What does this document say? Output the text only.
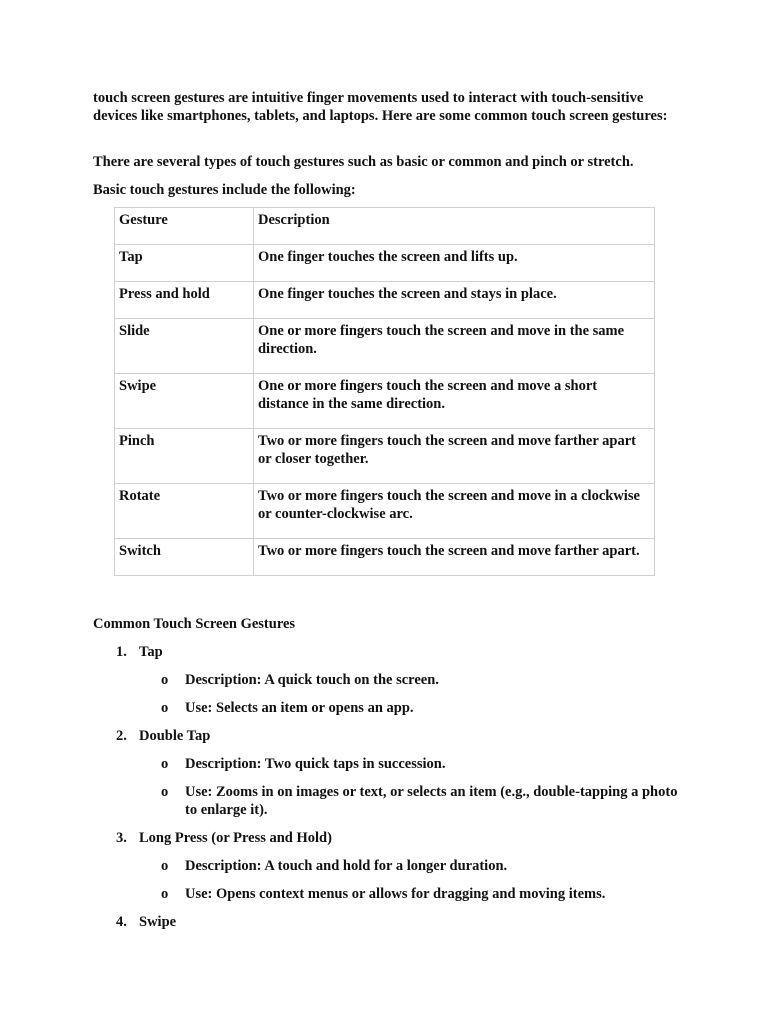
touch screen gestures are intuitive finger movements used to interact with touch-sensitive devices like smartphones, tablets, and laptops. Here are some common touch screen gestures:

There are several types of touch gestures such as basic or common and pinch or stretch.

Basic touch gestures include the following:

Gesture	Description
Tap	One finger touches the screen and lifts up.
Press and hold	One finger touches the screen and stays in place.
Slide	One or more fingers touch the screen and move in the same direction.
Swipe	One or more fingers touch the screen and move a short distance in the same direction.
Pinch	Two or more fingers touch the screen and move farther apart or closer together.
Rotate	Two or more fingers touch the screen and move in a clockwise or counter-clockwise arc.
Switch	Two or more fingers touch the screen and move farther apart.

Common Touch Screen Gestures

1. Tap
o Description: A quick touch on the screen.
o Use: Selects an item or opens an app.
2. Double Tap
o Description: Two quick taps in succession.
o Use: Zooms in on images or text, or selects an item (e.g., double-tapping a photo to enlarge it).
3. Long Press (or Press and Hold)
o Description: A touch and hold for a longer duration.
o Use: Opens context menus or allows for dragging and moving items.
4. Swipe
